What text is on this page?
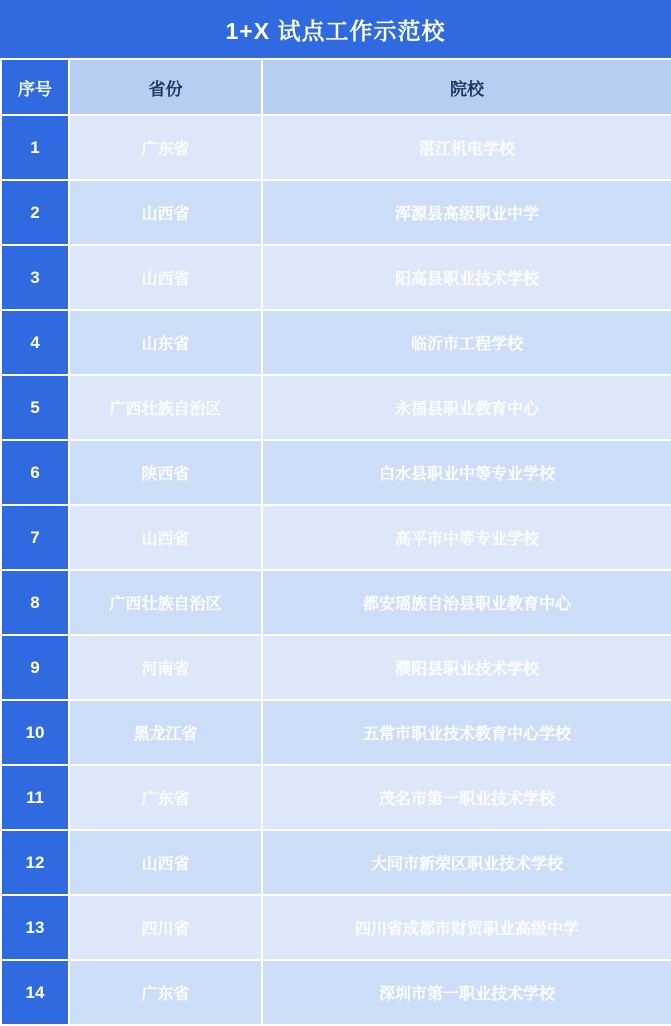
1+X 试点工作示范校
序号	省份	院校
1	广东省	湛江机电学校
2	山西省	浑源县高级职业中学
3	山西省	阳高县职业技术学校
4	山东省	临沂市工程学校
5	广西壮族自治区	永福县职业教育中心
6	陕西省	白水县职业中等专业学校
7	山西省	高平市中等专业学校
8	广西壮族自治区	都安瑶族自治县职业教育中心
9	河南省	濮阳县职业技术学校
10	黑龙江省	五常市职业技术教育中心学校
11	广东省	茂名市第一职业技术学校
12	山西省	大同市新荣区职业技术学校
13	四川省	四川省成都市财贸职业高级中学
14	广东省	深圳市第一职业技术学校
